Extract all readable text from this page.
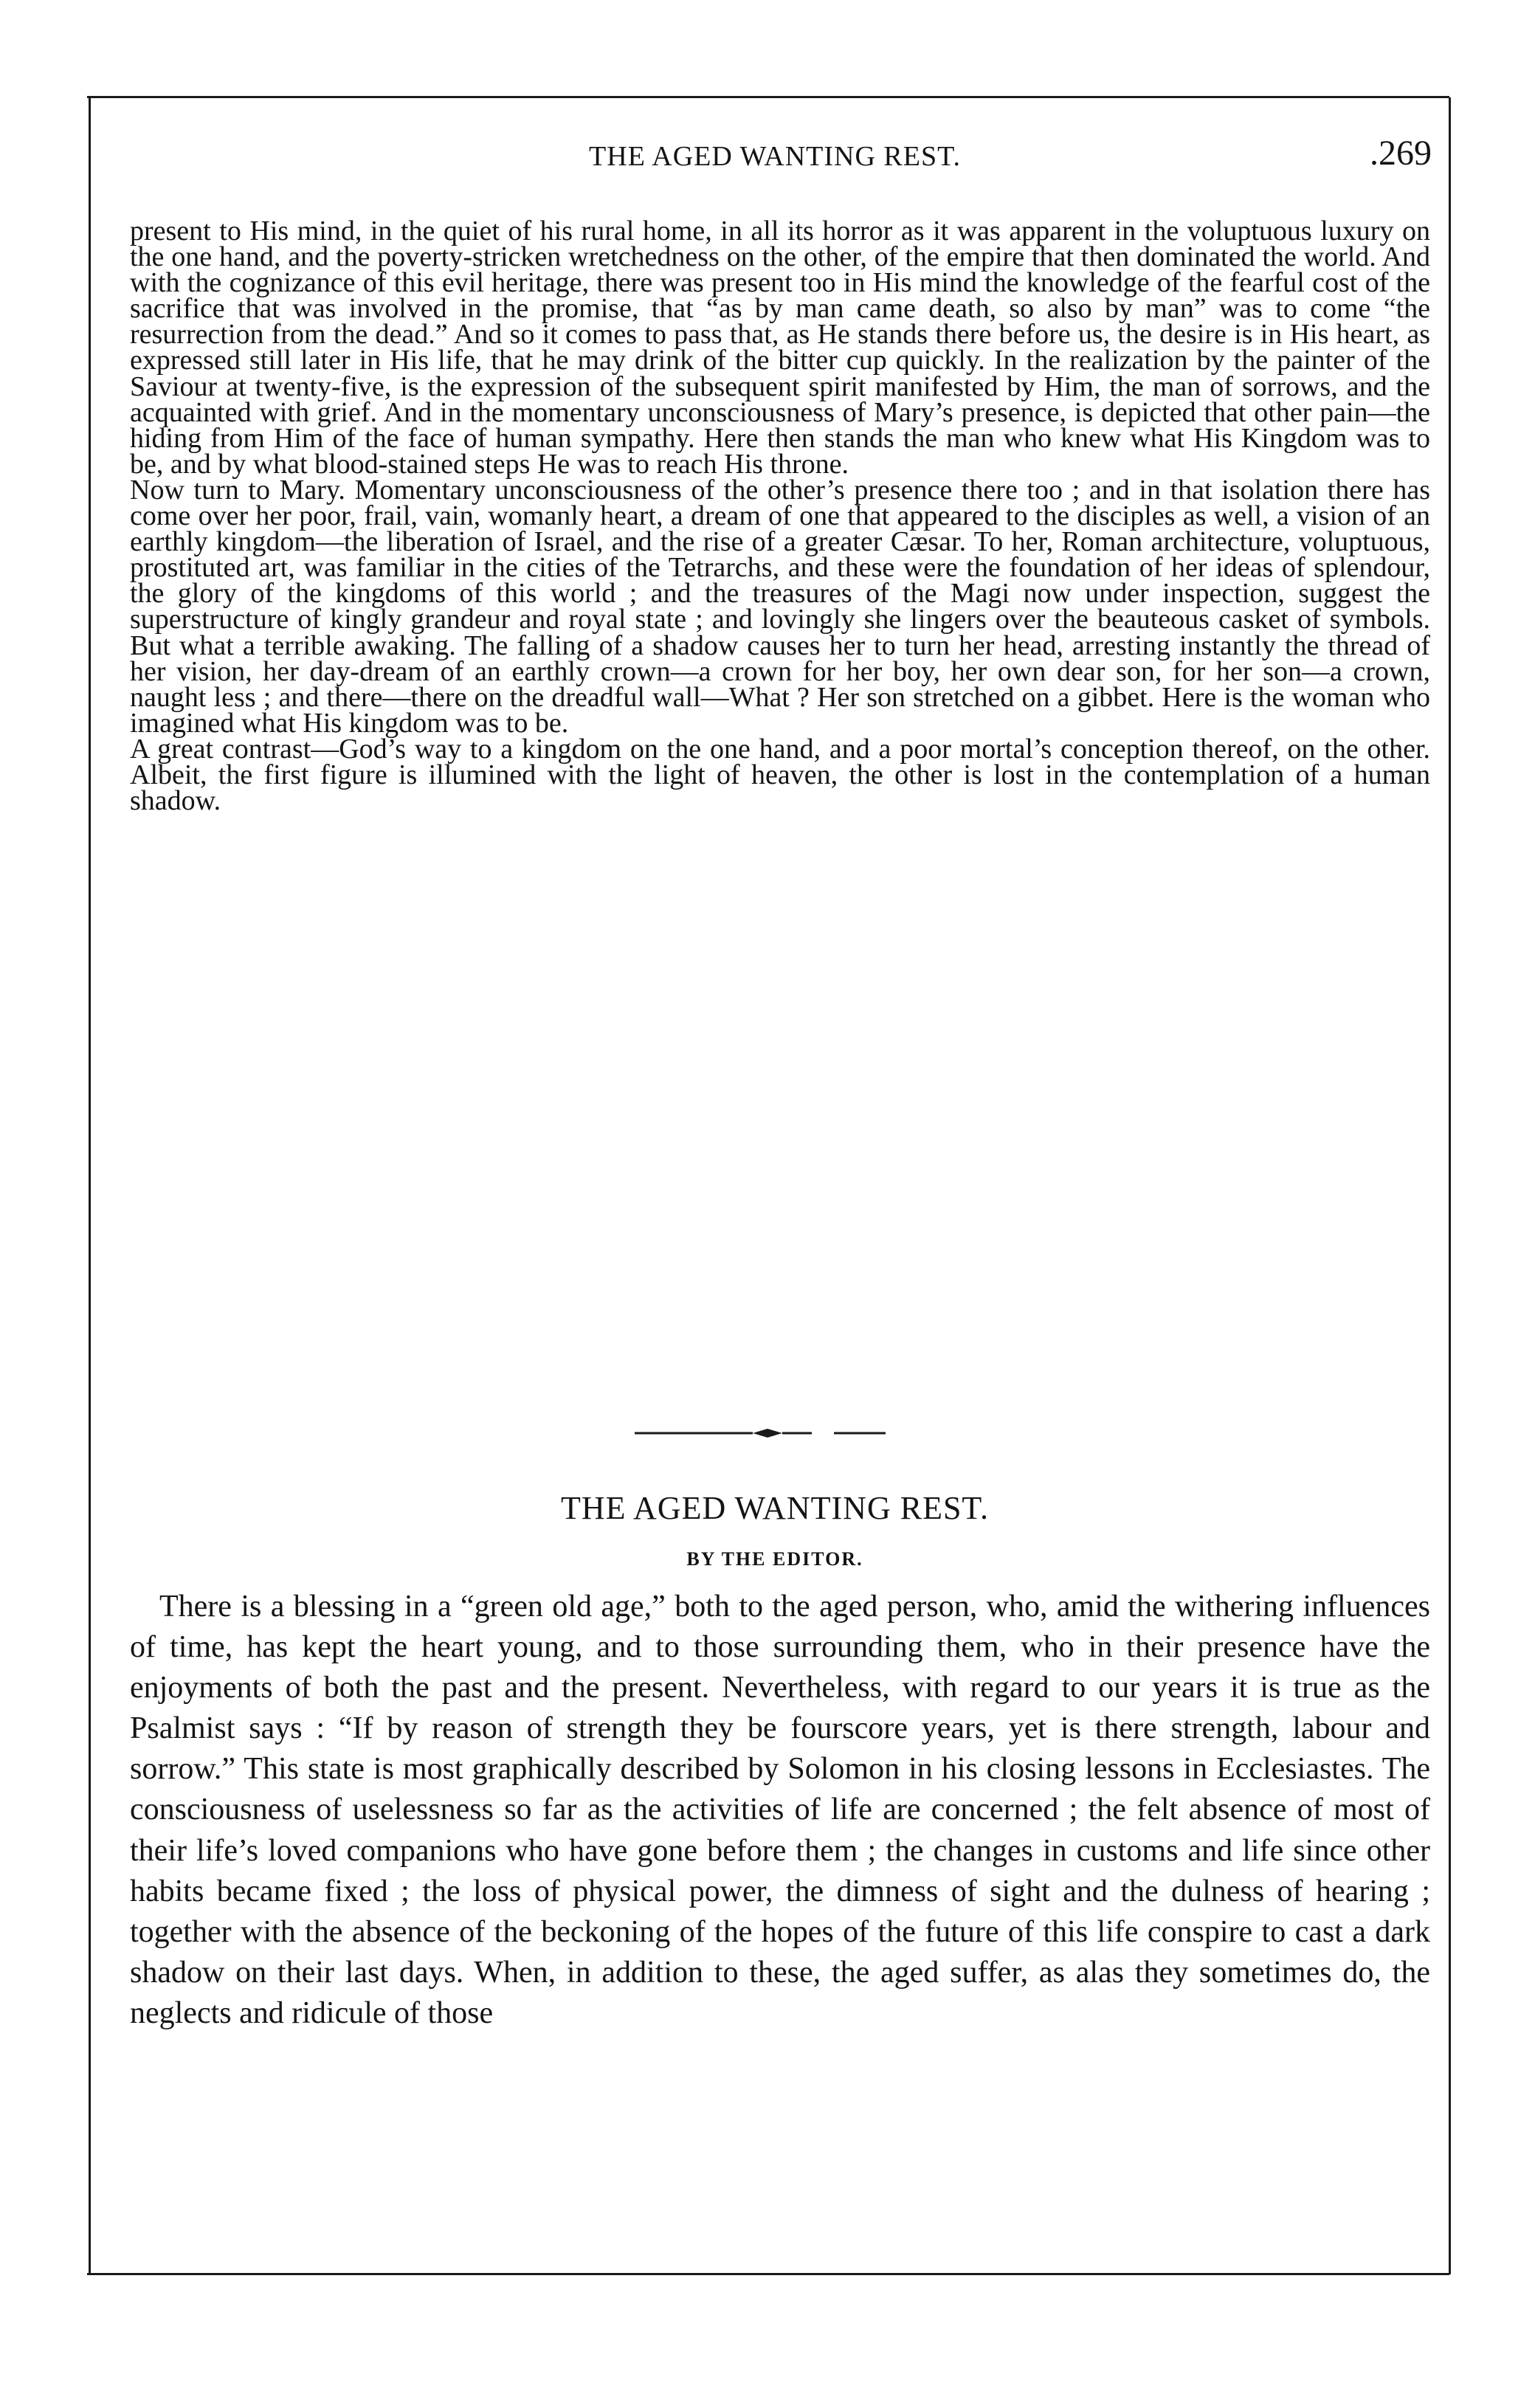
THE AGED WANTING REST.	.269

present to His mind, in the quiet of his rural home, in all its horror as it was apparent in the voluptuous luxury on the one hand, and the poverty-stricken wretchedness on the other, of the empire that then dominated the world. And with the cognizance of this evil heritage, there was present too in His mind the knowledge of the fearful cost of the sacrifice that was involved in the promise, that “as by man came death, so also by man” was to come “the resurrection from the dead.” And so it comes to pass that, as He stands there before us, the desire is in His heart, as expressed still later in His life, that he may drink of the bitter cup quickly. In the realization by the painter of the Saviour at twenty-five, is the expression of the subsequent spirit manifested by Him, the man of sorrows, and the acquainted with grief. And in the momentary unconsciousness of Mary’s presence, is depicted that other pain—the hiding from Him of the face of human sympathy. Here then stands the man who knew what His Kingdom was to be, and by what blood-stained steps He was to reach His throne.

Now turn to Mary. Momentary unconsciousness of the other’s presence there too ; and in that isolation there has come over her poor, frail, vain, womanly heart, a dream of one that appeared to the disciples as well, a vision of an earthly kingdom—the liberation of Israel, and the rise of a greater Cæsar. To her, Roman architecture, voluptuous, prostituted art, was familiar in the cities of the Tetrarchs, and these were the foundation of her ideas of splendour, the glory of the kingdoms of this world ; and the treasures of the Magi now under inspection, suggest the superstructure of kingly grandeur and royal state ; and lovingly she lingers over the beauteous casket of symbols. But what a terrible awaking. The falling of a shadow causes her to turn her head, arresting instantly the thread of her vision, her day-dream of an earthly crown—a crown for her boy, her own dear son, for her son—a crown, naught less ; and there—there on the dreadful wall—What ? Her son stretched on a gibbet. Here is the woman who imagined what His kingdom was to be.

A great contrast—God’s way to a kingdom on the one hand, and a poor mortal’s conception thereof, on the other. Albeit, the first figure is illumined with the light of heaven, the other is lost in the contemplation of a human shadow.

THE AGED WANTING REST.
BY THE EDITOR.

There is a blessing in a “green old age,” both to the aged person, who, amid the withering influences of time, has kept the heart young, and to those surrounding them, who in their presence have the enjoyments of both the past and the present. Nevertheless, with regard to our years it is true as the Psalmist says : “If by reason of strength they be fourscore years, yet is there strength, labour and sorrow.” This state is most graphically described by Solomon in his closing lessons in Ecclesiastes. The consciousness of uselessness so far as the activities of life are concerned ; the felt absence of most of their life’s loved companions who have gone before them ; the changes in customs and life since other habits became fixed ; the loss of physical power, the dimness of sight and the dulness of hearing ; together with the absence of the beckoning of the hopes of the future of this life conspire to cast a dark shadow on their last days. When, in addition to these, the aged suffer, as alas they sometimes do, the neglects and ridicule of those
